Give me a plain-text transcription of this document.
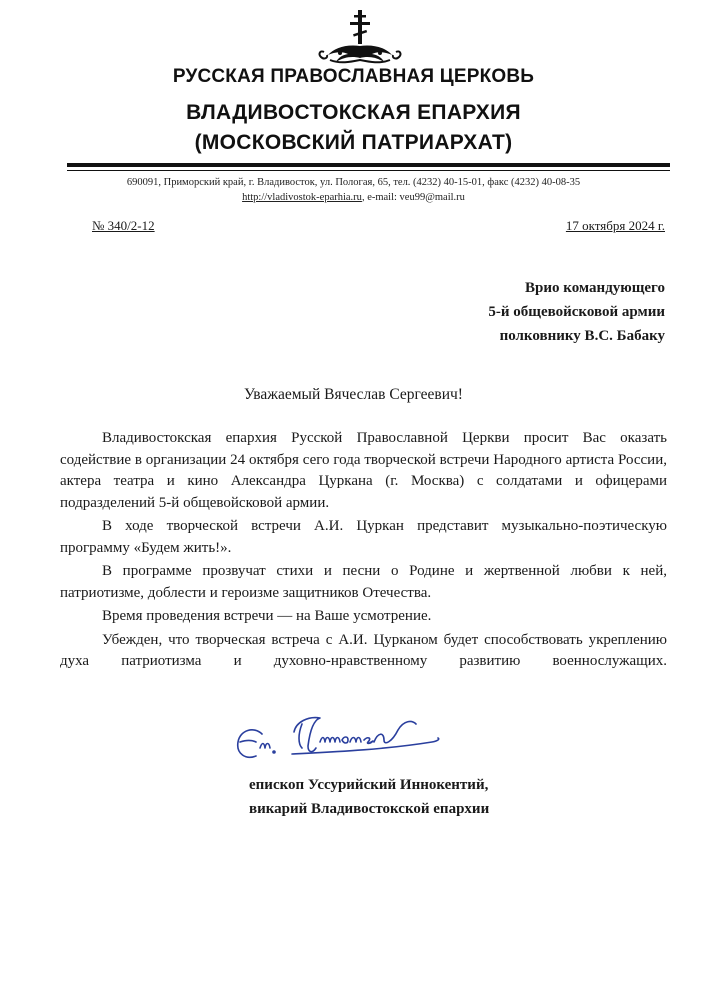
РУССКАЯ ПРАВОСЛАВНАЯ ЦЕРКОВЬ
ВЛАДИВОСТОКСКАЯ ЕПАРХИЯ
(МОСКОВСКИЙ ПАТРИАРХАТ)
690091, Приморский край, г. Владивосток, ул. Пологая, 65, тел. (4232) 40-15-01, факс (4232) 40-08-35
http://vladivostok-eparhia.ru, e-mail: veu99@mail.ru
№ 340/2-12	17 октября 2024 г.
Врио командующего
5-й общевойсковой армии
полковнику В.С. Бабаку
Уважаемый Вячеслав Сергеевич!

Владивостокская епархия Русской Православной Церкви просит Вас оказать содействие в организации 24 октября сего года творческой встречи Народного артиста России, актера театра и кино Александра Цуркана (г. Москва) с солдатами и офицерами подразделений 5-й общевойсковой армии.

В ходе творческой встречи А.И. Цуркан представит музыкально-поэтическую программу «Будем жить!».

В программе прозвучат стихи и песни о Родине и жертвенной любви к ней, патриотизме, доблести и героизме защитников Отечества.

Время проведения встречи — на Ваше усмотрение.

Убежден, что творческая встреча с А.И. Цурканом будет способствовать укреплению духа патриотизма и духовно-нравственному развитию военнослужащих.

епископ Уссурийский Иннокентий,
викарий Владивостокской епархии
